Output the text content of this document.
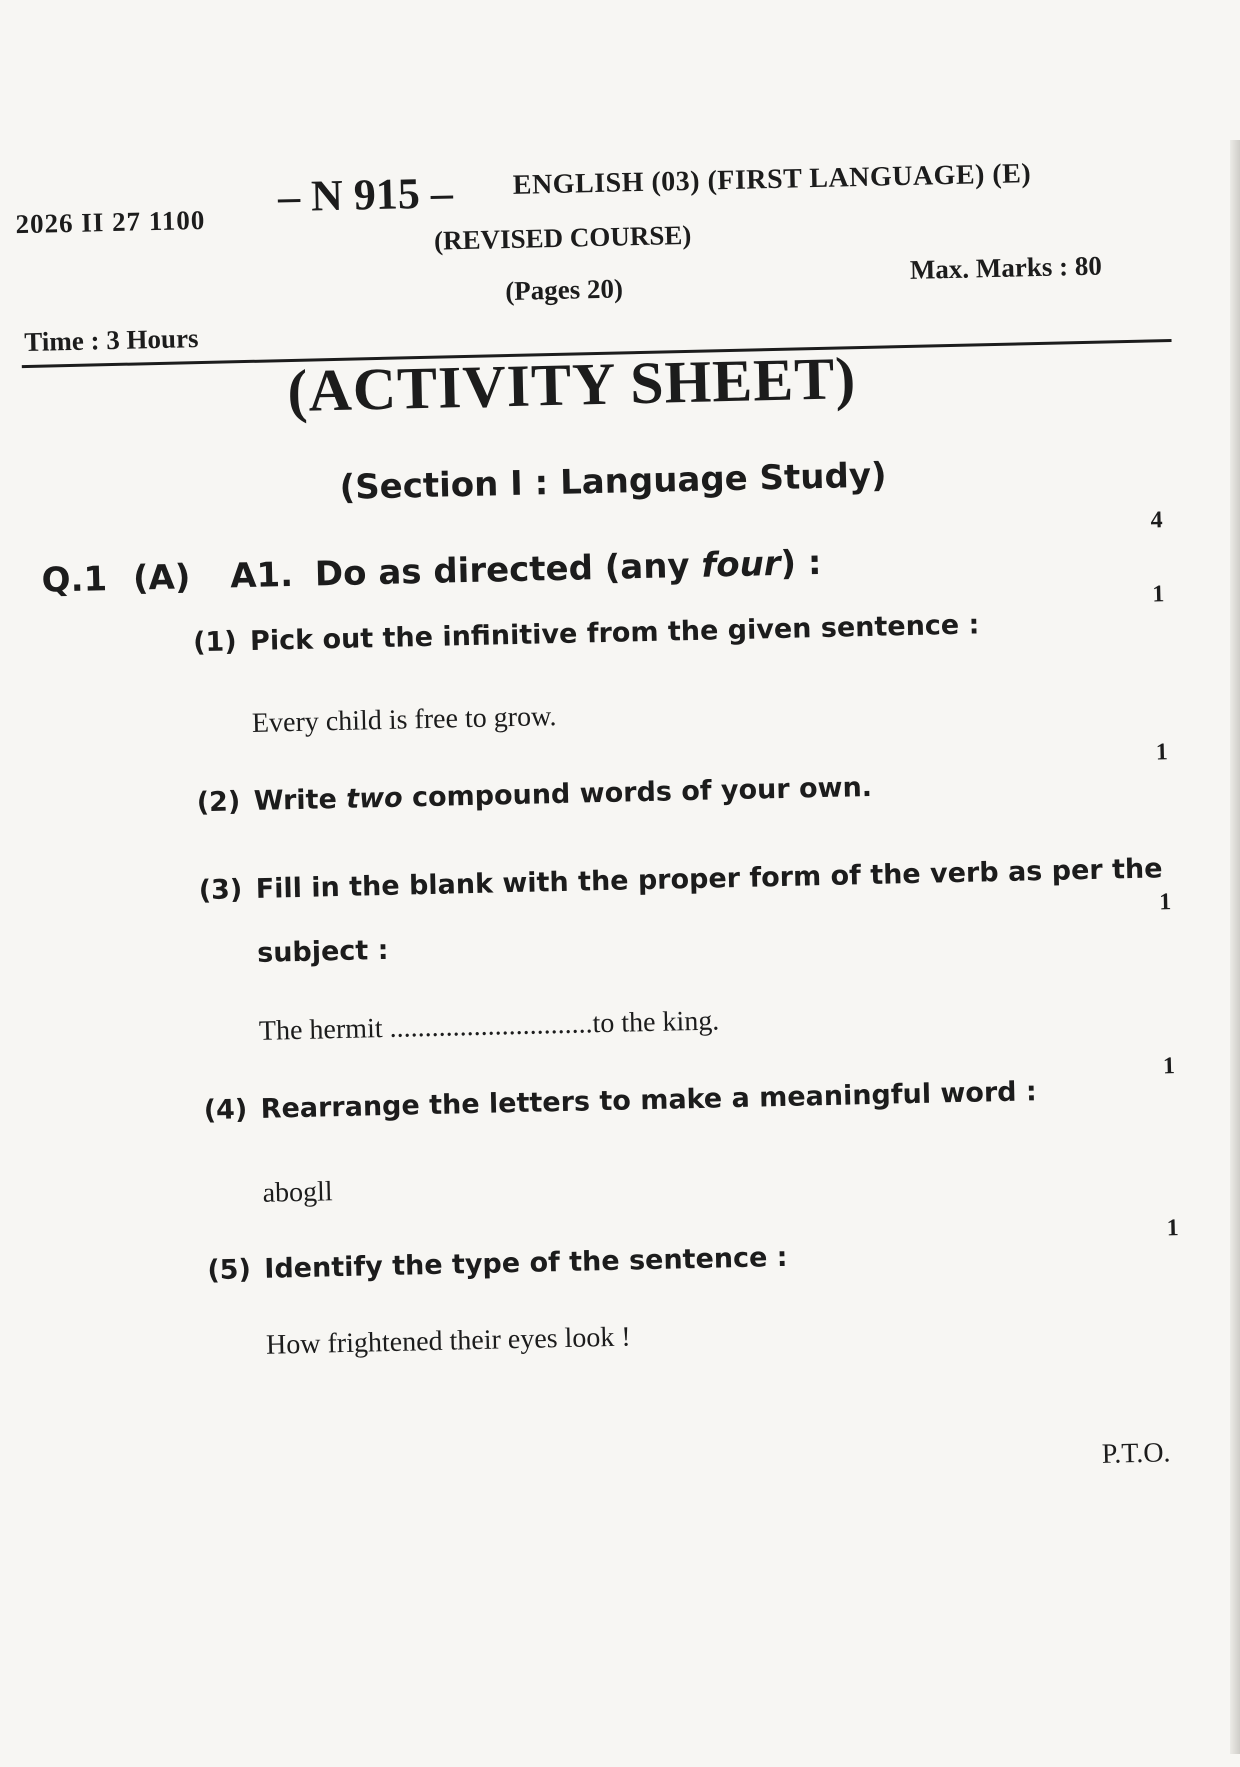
2026 II 27 1100
– N 915 – ENGLISH (03) (FIRST LANGUAGE) (E)
(REVISED COURSE)
(Pages 20)
Max. Marks : 80
Time : 3 Hours
(ACTIVITY SHEET)
(Section I : Language Study)
Q.1 (A) A1. Do as directed (any four) :
4
(1) Pick out the infinitive from the given sentence :
1
Every child is free to grow.
(2) Write two compound words of your own.
1
(3) Fill in the blank with the proper form of the verb as per the
subject :
1
The hermit .............................to the king.
(4) Rearrange the letters to make a meaningful word :
1
abogll
(5) Identify the type of the sentence :
1
How frightened their eyes look !
P.T.O.
